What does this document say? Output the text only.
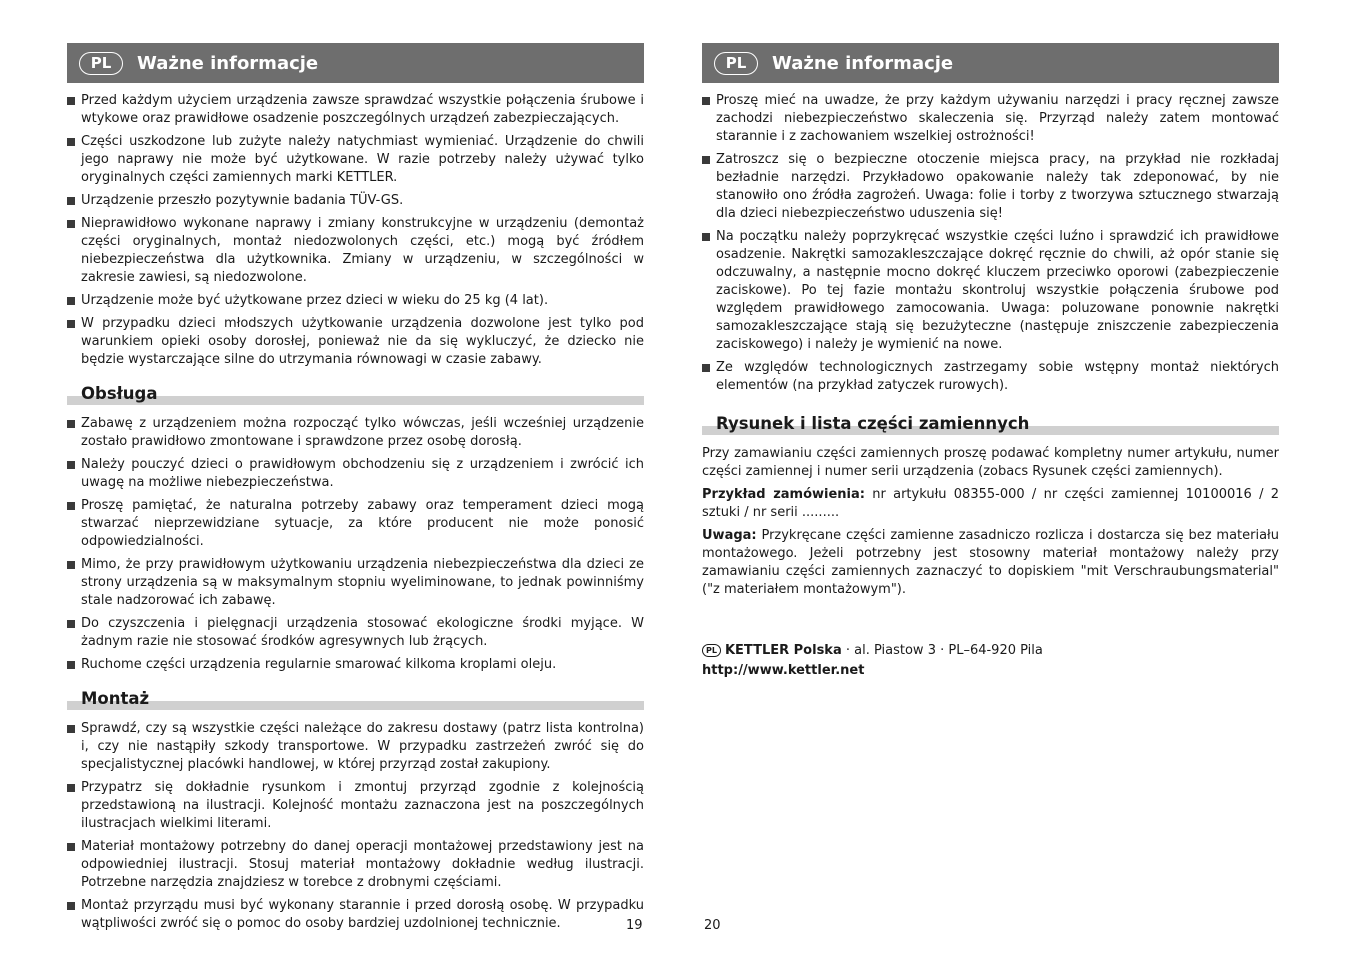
PL	Ważne informacje
Przed każdym użyciem urządzenia zawsze sprawdzać wszystkie połączenia śrubowe i wtykowe oraz prawidłowe osadzenie poszczególnych urządzeń zabezpieczających.
Części uszkodzone lub zużyte należy natychmiast wymieniać. Urządzenie do chwili jego naprawy nie może być użytkowane. W razie potrzeby należy używać tylko oryginalnych części zamiennych marki KETTLER.
Urządzenie przeszło pozytywnie badania TÜV-GS.
Nieprawidłowo wykonane naprawy i zmiany konstrukcyjne w urządzeniu (demontaż części oryginalnych, montaż niedozwolonych części, etc.) mogą być źródłem niebezpieczeństwa dla użytkownika. Zmiany w urządzeniu, w szczególności w zakresie zawiesi, są niedozwolone.
Urządzenie może być użytkowane przez dzieci w wieku do 25 kg (4 lat).
W przypadku dzieci młodszych użytkowanie urządzenia dozwolone jest tylko pod warunkiem opieki osoby dorosłej, ponieważ nie da się wykluczyć, że dziecko nie będzie wystarczające silne do utrzymania równowagi w czasie zabawy.
Obsługa
Zabawę z urządzeniem można rozpocząć tylko wówczas, jeśli wcześniej urządzenie zostało prawidłowo zmontowane i sprawdzone przez osobę dorosłą.
Należy pouczyć dzieci o prawidłowym obchodzeniu się z urządzeniem i zwrócić ich uwagę na możliwe niebezpieczeństwa.
Proszę pamiętać, że naturalna potrzeby zabawy oraz temperament dzieci mogą stwarzać nieprzewidziane sytuacje, za które producent nie może ponosić odpowiedzialności.
Mimo, że przy prawidłowym użytkowaniu urządzenia niebezpieczeństwa dla dzieci ze strony urządzenia są w maksymalnym stopniu wyeliminowane, to jednak powinniśmy stale nadzorować ich zabawę.
Do czyszczenia i pielęgnacji urządzenia stosować ekologiczne środki myjące. W żadnym razie nie stosować środków agresywnych lub żrących.
Ruchome części urządzenia regularnie smarować kilkoma kroplami oleju.
Montaż
Sprawdź, czy są wszystkie części należące do zakresu dostawy (patrz lista kontrolna) i, czy nie nastąpiły szkody transportowe. W przypadku zastrzeżeń zwróć się do specjalistycznej placówki handlowej, w której przyrząd został zakupiony.
Przypatrz się dokładnie rysunkom i zmontuj przyrząd zgodnie z kolejnością przedstawioną na ilustracji. Kolejność montażu zaznaczona jest na poszczególnych ilustracjach wielkimi literami.
Materiał montażowy potrzebny do danej operacji montażowej przedstawiony jest na odpowiedniej ilustracji. Stosuj materiał montażowy dokładnie według ilustracji. Potrzebne narzędzia znajdziesz w torebce z drobnymi częściami.
Montaż przyrządu musi być wykonany starannie i przed dorosłą osobę. W przypadku wątpliwości zwróć się o pomoc do osoby bardziej uzdolnionej technicznie.	19
PL	Ważne informacje
Proszę mieć na uwadze, że przy każdym używaniu narzędzi i pracy ręcznej zawsze zachodzi niebezpieczeństwo skaleczenia się. Przyrząd należy zatem montować starannie i z zachowaniem wszelkiej ostrożności!
Zatroszcz się o bezpieczne otoczenie miejsca pracy, na przykład nie rozkładaj bezładnie narzędzi. Przykładowo opakowanie należy tak zdeponować, by nie stanowiło ono źródła zagrożeń. Uwaga: folie i torby z tworzywa sztucznego stwarzają dla dzieci niebezpieczeństwo uduszenia się!
Na początku należy poprzykręcać wszystkie części luźno i sprawdzić ich prawidłowe osadzenie. Nakrętki samozakleszczające dokręć ręcznie do chwili, aż opór stanie się odczuwalny, a następnie mocno dokręć kluczem przeciwko oporowi (zabezpieczenie zaciskowe). Po tej fazie montażu skontroluj wszystkie połączenia śrubowe pod względem prawidłowego zamocowania. Uwaga: poluzowane ponownie nakrętki samozakleszczające stają się bezużyteczne (następuje zniszczenie zabezpieczenia zaciskowego) i należy je wymienić na nowe.
Ze względów technologicznych zastrzegamy sobie wstępny montaż niektórych elementów (na przykład zatyczek rurowych).
Rysunek i lista części zamiennych

Przy zamawianiu części zamiennych proszę podawać kompletny numer artykułu, numer części zamiennej i numer serii urządzenia (zobacs Rysunek części zamiennych).

Przykład zamówienia: nr artykułu 08355-000 / nr części zamiennej 10100016 / 2 sztuki / nr serii .........

Uwaga: Przykręcane części zamienne zasadniczo rozlicza i dostarcza się bez materiału montażowego. Jeżeli potrzebny jest stosowny materiał montażowy należy przy zamawianiu części zamiennych zaznaczyć to dopiskiem "mit Verschraubungsmaterial" ("z materiałem montażowym").

PL KETTLER Polska · al. Piastow 3 · PL–64-920 Pila
http://www.kettler.net
20
